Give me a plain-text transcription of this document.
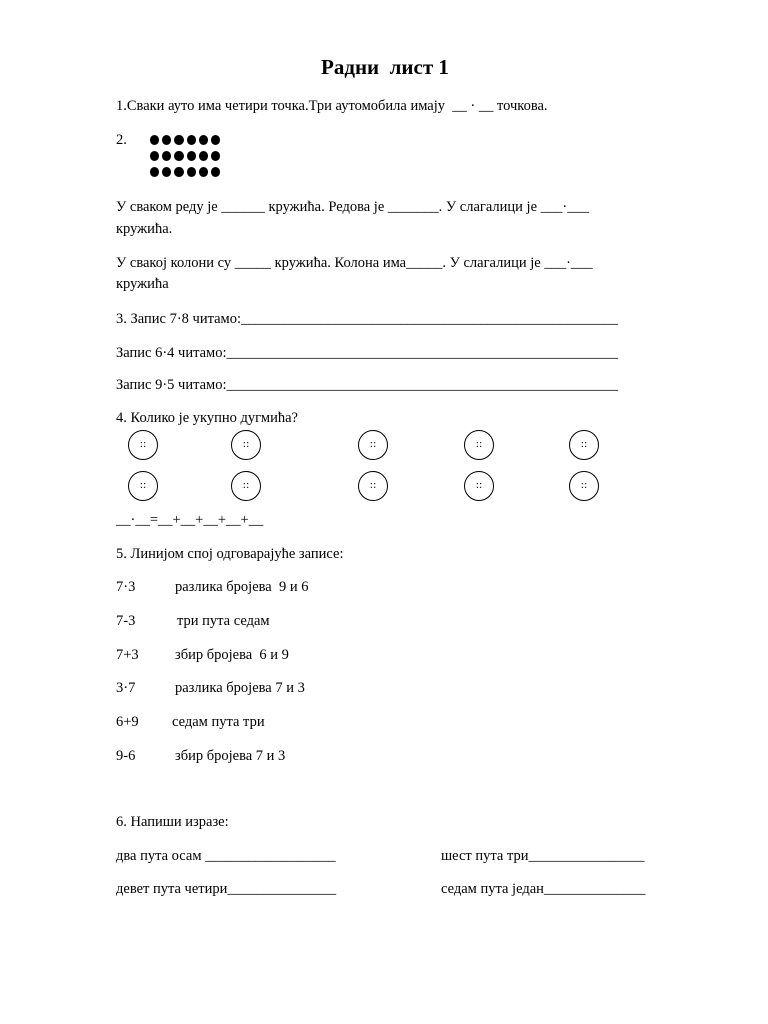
Радни  лист 1
1.Сваки ауто има четири точка.Три аутомобила имају  __ · __ точкова.
2.
У сваком реду је ______ кружића. Редова је _______. У слагалици је ___·___
кружића.
У свакој колони су _____ кружића. Колона има_____. У слагалици је ___·___
кружића
3. Запис 7·8 читамо:____________________________________________________
Запис 6·4 читамо:______________________________________________________
Запис 9·5 читамо:______________________________________________________
4. Колико је укупно дугмића?
::	::	::	::	::
::	::	::	::	::
__·__=__+__+__+__+__
5. Линијом спој одговарајуће записе:
7·3	разлика бројева  9 и 6
7-3	три пута седам
7+3	збир бројева  6 и 9
3·7	разлика бројева 7 и 3
6+9 седам пута три
9-6	збир бројева 7 и 3
6. Напиши изразе:
два пута осам __________________	шест пута три________________
девет пута четири_______________	седам пута један______________
